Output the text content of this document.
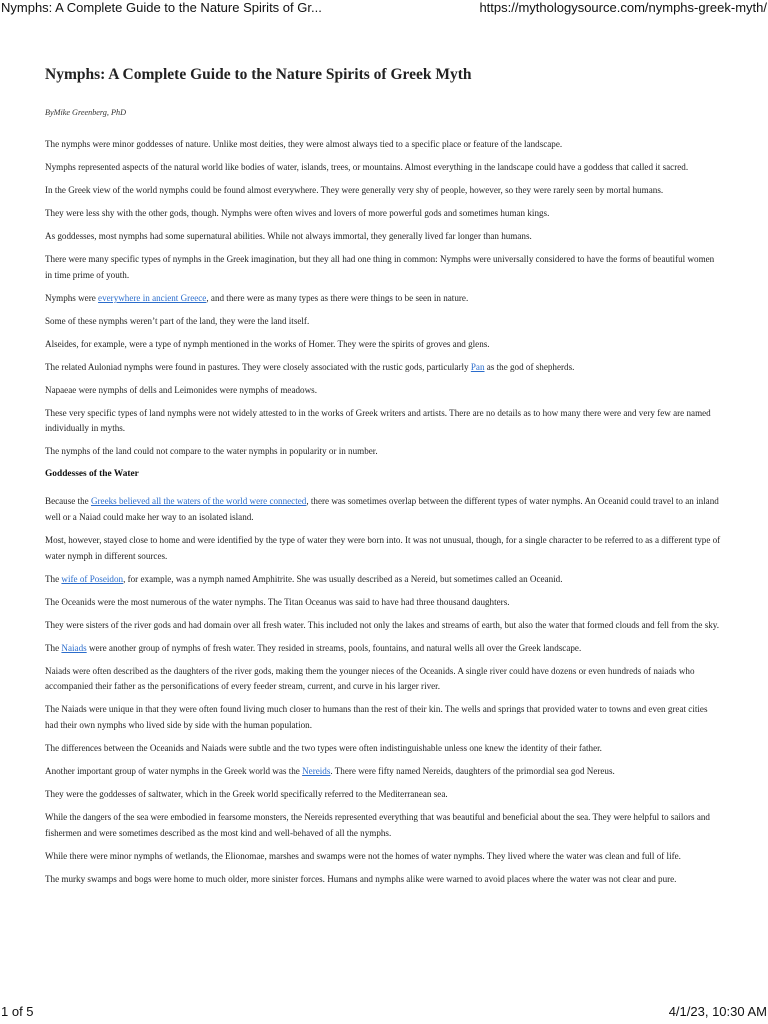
Nymphs: A Complete Guide to the Nature Spirits of Gr...	https://mythologysource.com/nymphs-greek-myth/
Nymphs: A Complete Guide to the Nature Spirits of Greek Myth
ByMike Greenberg, PhD

The nymphs were minor goddesses of nature. Unlike most deities, they were almost always tied to a specific place or feature of the landscape.

Nymphs represented aspects of the natural world like bodies of water, islands, trees, or mountains. Almost everything in the landscape could have a goddess that called it sacred.

In the Greek view of the world nymphs could be found almost everywhere. They were generally very shy of people, however, so they were rarely seen by mortal humans.

They were less shy with the other gods, though. Nymphs were often wives and lovers of more powerful gods and sometimes human kings.

As goddesses, most nymphs had some supernatural abilities. While not always immortal, they generally lived far longer than humans.

There were many specific types of nymphs in the Greek imagination, but they all had one thing in common: Nymphs were universally considered to have the forms of beautiful women in time prime of youth.

Nymphs were everywhere in ancient Greece, and there were as many types as there were things to be seen in nature.

Some of these nymphs weren’t part of the land, they were the land itself.

Alseides, for example, were a type of nymph mentioned in the works of Homer. They were the spirits of groves and glens.

The related Auloniad nymphs were found in pastures. They were closely associated with the rustic gods, particularly Pan as the god of shepherds.

Napaeae were nymphs of dells and Leimonides were nymphs of meadows.

These very specific types of land nymphs were not widely attested to in the works of Greek writers and artists. There are no details as to how many there were and very few are named individually in myths.

The nymphs of the land could not compare to the water nymphs in popularity or in number.

Goddesses of the Water

Because the Greeks believed all the waters of the world were connected, there was sometimes overlap between the different types of water nymphs. An Oceanid could travel to an inland well or a Naiad could make her way to an isolated island.

Most, however, stayed close to home and were identified by the type of water they were born into. It was not unusual, though, for a single character to be referred to as a different type of water nymph in different sources.

The wife of Poseidon, for example, was a nymph named Amphitrite. She was usually described as a Nereid, but sometimes called an Oceanid.

The Oceanids were the most numerous of the water nymphs. The Titan Oceanus was said to have had three thousand daughters.

They were sisters of the river gods and had domain over all fresh water. This included not only the lakes and streams of earth, but also the water that formed clouds and fell from the sky.

The Naiads were another group of nymphs of fresh water. They resided in streams, pools, fountains, and natural wells all over the Greek landscape.

Naiads were often described as the daughters of the river gods, making them the younger nieces of the Oceanids. A single river could have dozens or even hundreds of naiads who accompanied their father as the personifications of every feeder stream, current, and curve in his larger river.

The Naiads were unique in that they were often found living much closer to humans than the rest of their kin. The wells and springs that provided water to towns and even great cities had their own nymphs who lived side by side with the human population.

The differences between the Oceanids and Naiads were subtle and the two types were often indistinguishable unless one knew the identity of their father.

Another important group of water nymphs in the Greek world was the Nereids. There were fifty named Nereids, daughters of the primordial sea god Nereus.

They were the goddesses of saltwater, which in the Greek world specifically referred to the Mediterranean sea.

While the dangers of the sea were embodied in fearsome monsters, the Nereids represented everything that was beautiful and beneficial about the sea. They were helpful to sailors and fishermen and were sometimes described as the most kind and well-behaved of all the nymphs.

While there were minor nymphs of wetlands, the Elionomae, marshes and swamps were not the homes of water nymphs. They lived where the water was clean and full of life.

The murky swamps and bogs were home to much older, more sinister forces. Humans and nymphs alike were warned to avoid places where the water was not clear and pure.

1 of 5	4/1/23, 10:30 AM
